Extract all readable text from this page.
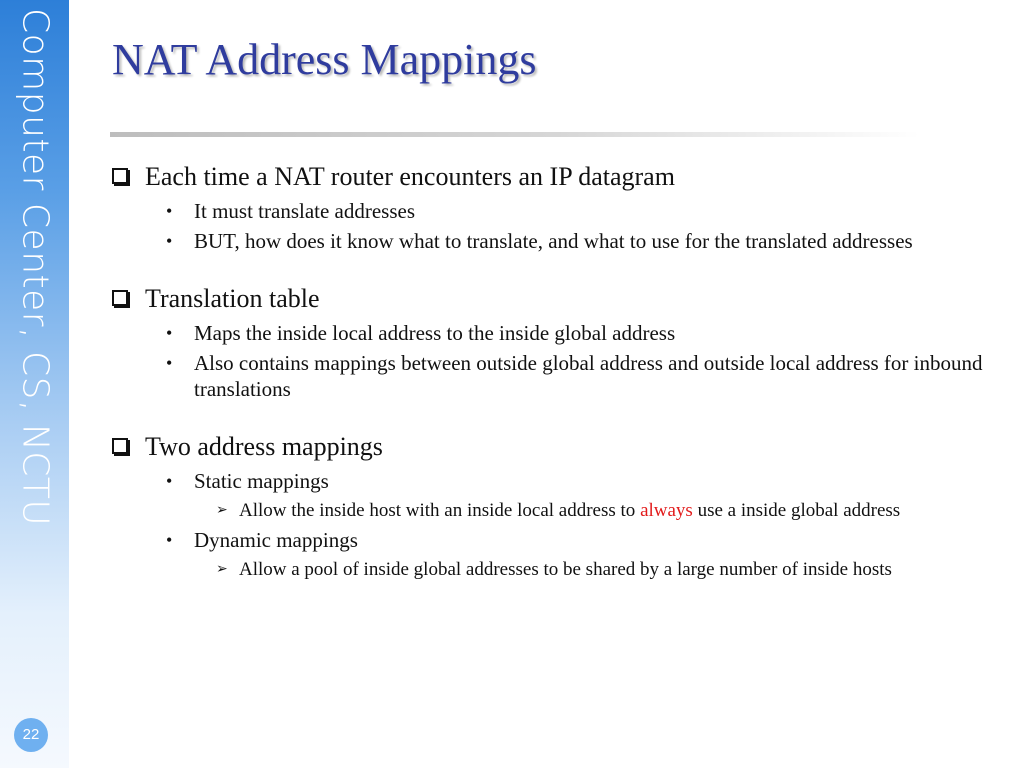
Computer Center, CS, NCTU
22
NAT Address Mappings
Each time a NAT router encounters an IP datagram
•	It must translate addresses
•	BUT, how does it know what to translate, and what to use for the translated addresses
Translation table
•	Maps the inside local address to the inside global address
•	Also contains mappings between outside global address and outside local address for inbound translations
Two address mappings
•	Static mappings
➢ Allow the inside host with an inside local address to always use a inside global address
•	Dynamic mappings
➢ Allow a pool of inside global addresses to be shared by a large number of inside hosts
